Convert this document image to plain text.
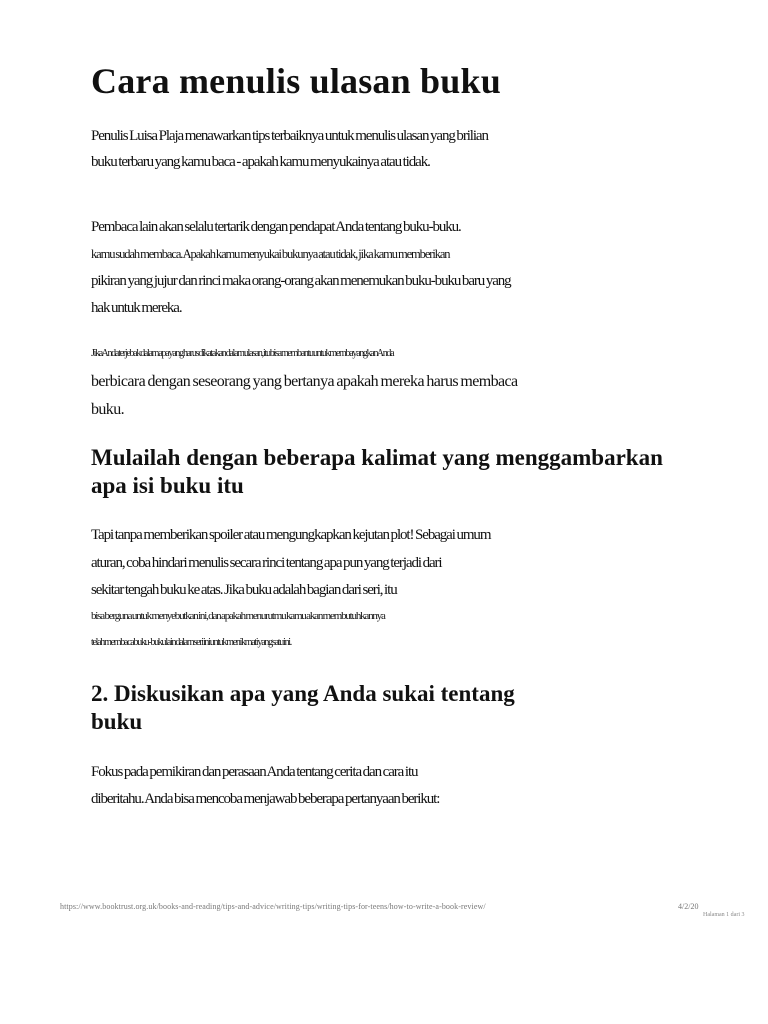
Cara menulis ulasan buku
Penulis Luisa Plaja menawarkan tips terbaiknya untuk menulis ulasan yang brilian
buku terbaru yang kamu baca - apakah kamu menyukainya atau tidak.
Pembaca lain akan selalu tertarik dengan pendapat Anda tentang buku-buku.
kamu sudah membaca. Apakah kamu menyukai bukunya atau tidak, jika kamu memberikan
pikiran yang jujur dan rinci maka orang-orang akan menemukan buku-buku baru yang
hak untuk mereka.
Jika Anda terjebak dalam apa yang harus dikatakan dalam ulasan, itu bisa membantu untuk membayangkan Anda
berbicara dengan seseorang yang bertanya apakah mereka harus membaca
buku.
Mulailah dengan beberapa kalimat yang menggambarkan
apa isi buku itu
Tapi tanpa memberikan spoiler atau mengungkapkan kejutan plot! Sebagai umum
aturan, coba hindari menulis secara rinci tentang apa pun yang terjadi dari
sekitar tengah buku ke atas. Jika buku adalah bagian dari seri, itu
bisa berguna untuk menyebutkan ini, dan apakah menurutmu kamu akan membutuhkannya
telah membaca buku-buku lain dalam seri ini untuk menikmati yang satu ini.
2. Diskusikan apa yang Anda sukai tentang
buku
Fokus pada pemikiran dan perasaan Anda tentang cerita dan cara itu
diberitahu. Anda bisa mencoba menjawab beberapa pertanyaan berikut:
https://www.booktrust.org.uk/books-and-reading/tips-and-advice/writing-tips/writing-tips-for-teens/how-to-write-a-book-review/	4/2/20
Halaman 1 dari 3
